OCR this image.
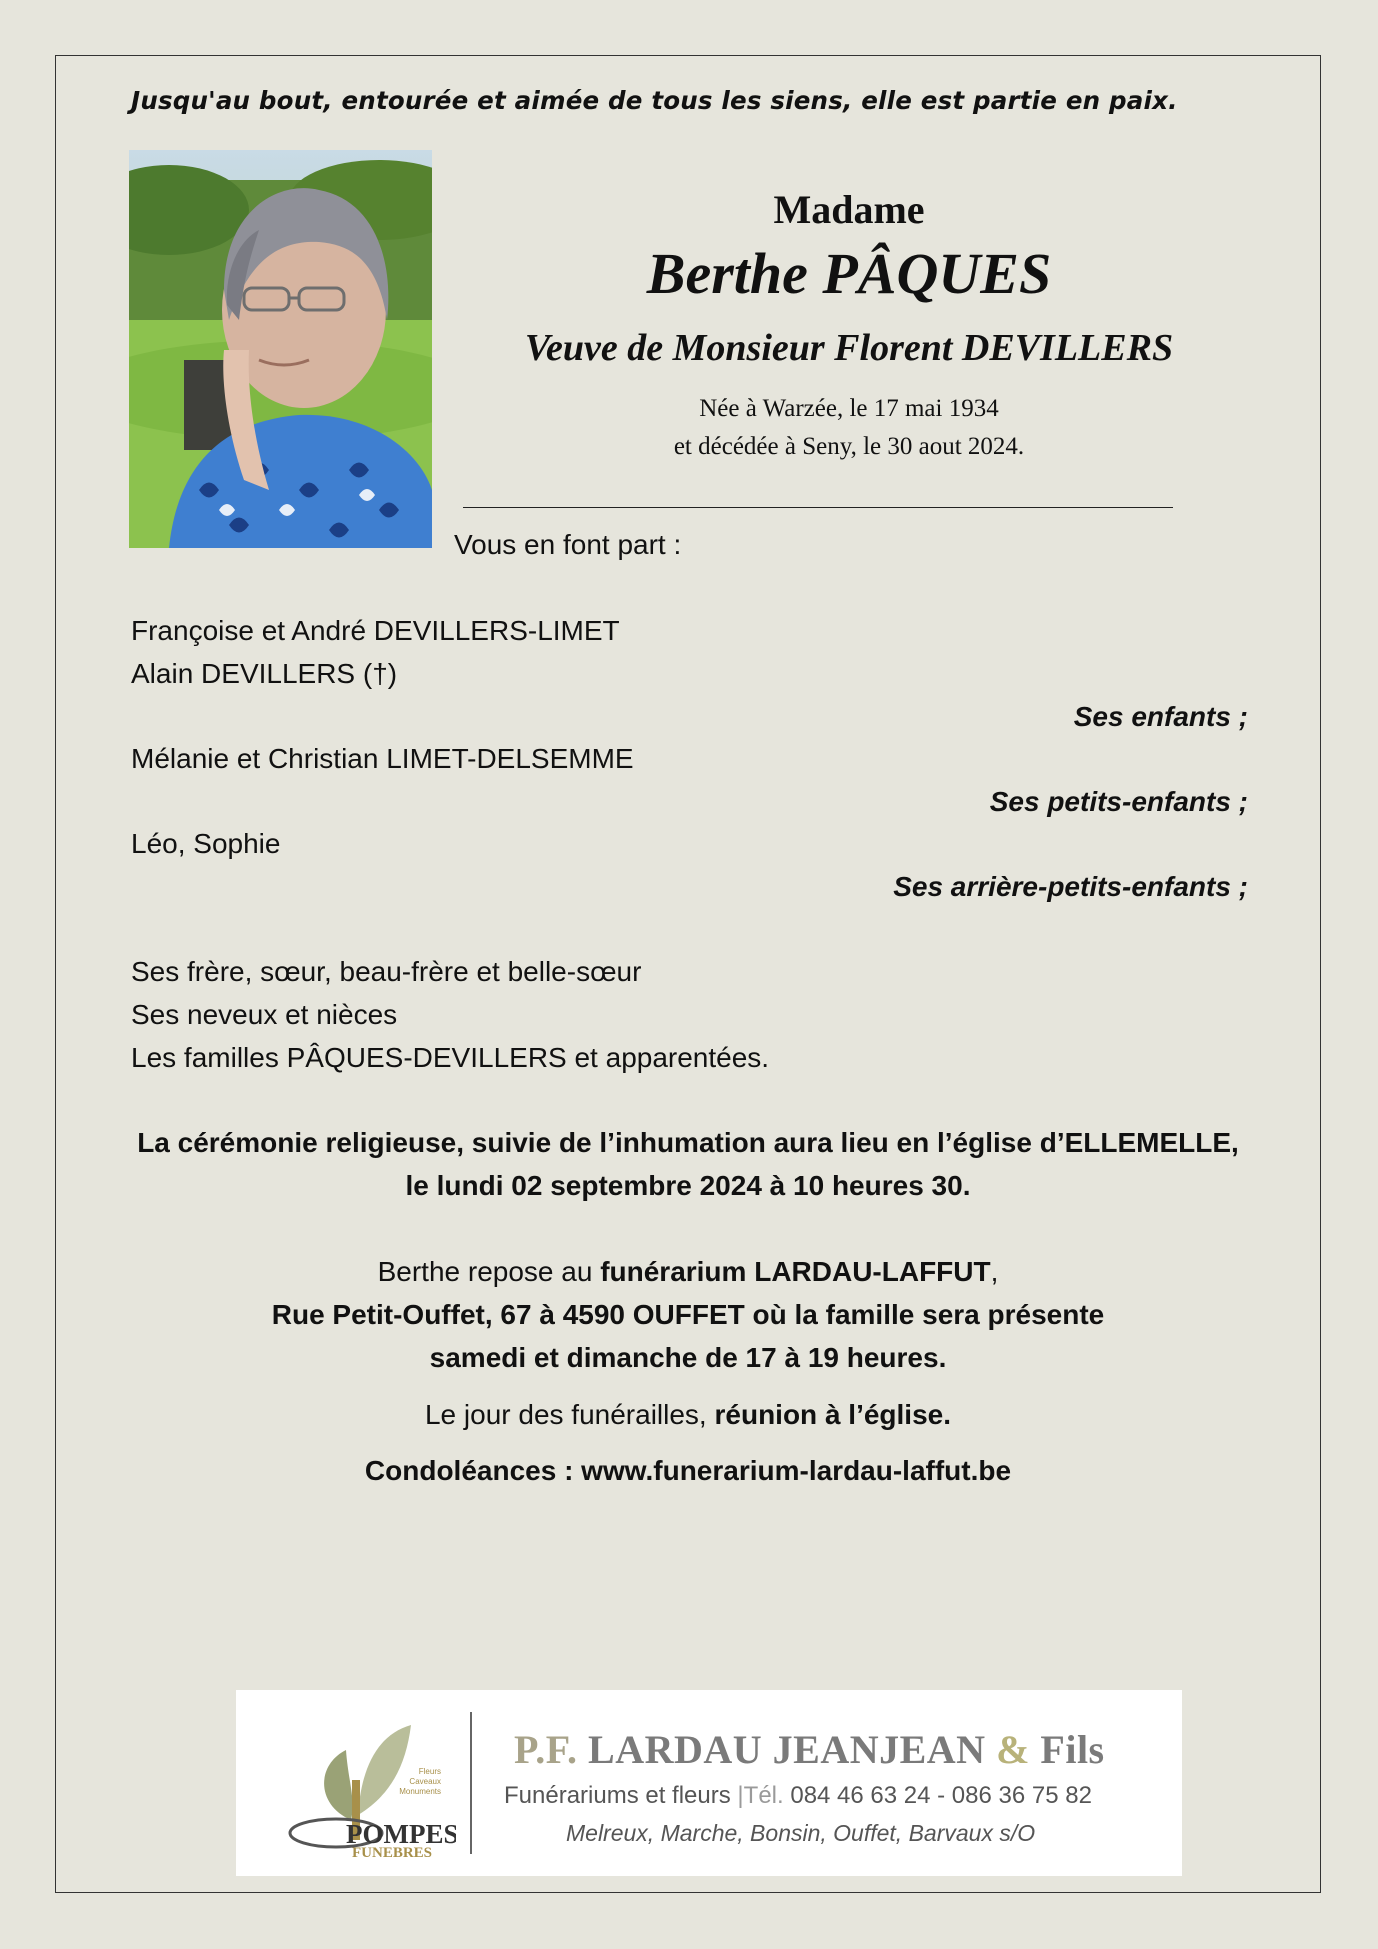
Jusqu'au bout, entourée et aimée de tous les siens, elle est partie en paix.
Madame
Berthe PÂQUES
Veuve de Monsieur Florent DEVILLERS
Née à Warzée, le 17 mai 1934
et décédée à Seny, le 30 aout 2024.
Vous en font part :
Françoise et André DEVILLERS-LIMET
Alain DEVILLERS (†)
Ses enfants ;
Mélanie et Christian LIMET-DELSEMME
Ses petits-enfants ;
Léo, Sophie
Ses arrière-petits-enfants ;
Ses frère, sœur, beau-frère et belle-sœur
Ses neveux et nièces
Les familles PÂQUES-DEVILLERS et apparentées.
La cérémonie religieuse, suivie de l’inhumation aura lieu en l’église d’ELLEMELLE,
le lundi 02 septembre 2024 à 10 heures 30.
Berthe repose au funérarium LARDAU-LAFFUT,
Rue Petit-Ouffet, 67 à 4590 OUFFET où la famille sera présente
samedi et dimanche de 17 à 19 heures.
Le jour des funérailles, réunion à l’église.
Condoléances : www.funerarium-lardau-laffut.be
POMPES
FUNEBRES
Fleurs
Caveaux
Monuments
P.F. LARDAU JEANJEAN & Fils
Funérariums et fleurs |Tél. 084 46 63 24 - 086 36 75 82
Melreux, Marche, Bonsin, Ouffet, Barvaux s/O
